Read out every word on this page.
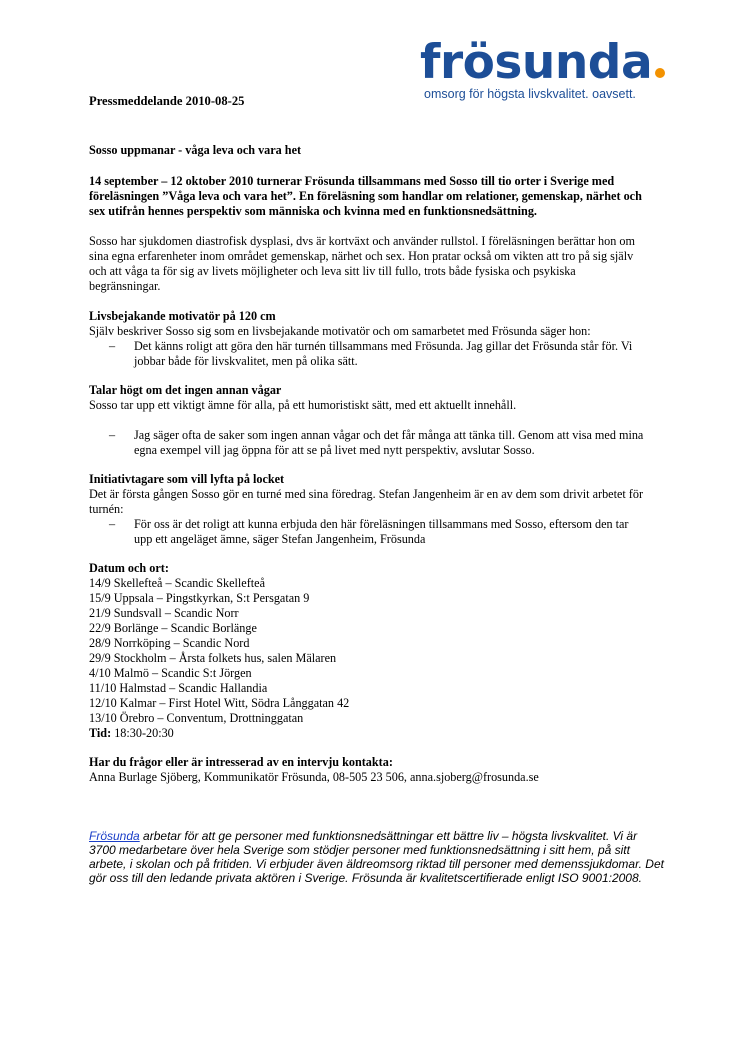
frösunda
omsorg för högsta livskvalitet. oavsett.
Pressmeddelande 2010-08-25
Sosso uppmanar - våga leva och vara het
14 september – 12 oktober 2010 turnerar Frösunda tillsammans med Sosso till tio orter i Sverige med föreläsningen ”Våga leva och vara het”. En föreläsning som handlar om relationer, gemenskap, närhet och sex utifrån hennes perspektiv som människa och kvinna med en funktionsnedsättning.

Sosso har sjukdomen diastrofisk dysplasi, dvs är kortväxt och använder rullstol. I föreläsningen berättar hon om sina egna erfarenheter inom området gemenskap, närhet och sex. Hon pratar också om vikten att tro på sig själv och att våga ta för sig av livets möjligheter och leva sitt liv till fullo, trots både fysiska och psykiska begränsningar.

Livsbejakande motivatör på 120 cm
Själv beskriver Sosso sig som en livsbejakande motivatör och om samarbetet med Frösunda säger hon:
– Det känns roligt att göra den här turnén tillsammans med Frösunda. Jag gillar det Frösunda står för. Vi jobbar både för livskvalitet, men på olika sätt.
Talar högt om det ingen annan vågar
Sosso tar upp ett viktigt ämne för alla, på ett humoristiskt sätt, med ett aktuellt innehåll.
– Jag säger ofta de saker som ingen annan vågar och det får många att tänka till. Genom att visa med mina egna exempel vill jag öppna för att se på livet med nytt perspektiv, avslutar Sosso.
Initiativtagare som vill lyfta på locket
Det är första gången Sosso gör en turné med sina föredrag. Stefan Jangenheim är en av dem som drivit arbetet för turnén:
– För oss är det roligt att kunna erbjuda den här föreläsningen tillsammans med Sosso, eftersom den tar upp ett angeläget ämne, säger Stefan Jangenheim, Frösunda
Datum och ort:
14/9 Skellefteå – Scandic Skellefteå
15/9 Uppsala – Pingstkyrkan, S:t Persgatan 9
21/9 Sundsvall – Scandic Norr
22/9 Borlänge – Scandic Borlänge
28/9 Norrköping – Scandic Nord
29/9 Stockholm – Årsta folkets hus, salen Mälaren
4/10 Malmö – Scandic S:t Jörgen
11/10 Halmstad – Scandic Hallandia
12/10 Kalmar – First Hotel Witt, Södra Långgatan 42
13/10 Örebro – Conventum, Drottninggatan
Tid: 18:30-20:30
Har du frågor eller är intresserad av en intervju kontakta:
Anna Burlage Sjöberg, Kommunikatör Frösunda, 08-505 23 506, anna.sjoberg@frosunda.se
Frösunda arbetar för att ge personer med funktionsnedsättningar ett bättre liv – högsta livskvalitet. Vi är 3700 medarbetare över hela Sverige som stödjer personer med funktionsnedsättning i sitt hem, på sitt arbete, i skolan och på fritiden. Vi erbjuder även äldreomsorg riktad till personer med demenssjukdomar. Det gör oss till den ledande privata aktören i Sverige. Frösunda är kvalitetscertifierade enligt ISO 9001:2008.
